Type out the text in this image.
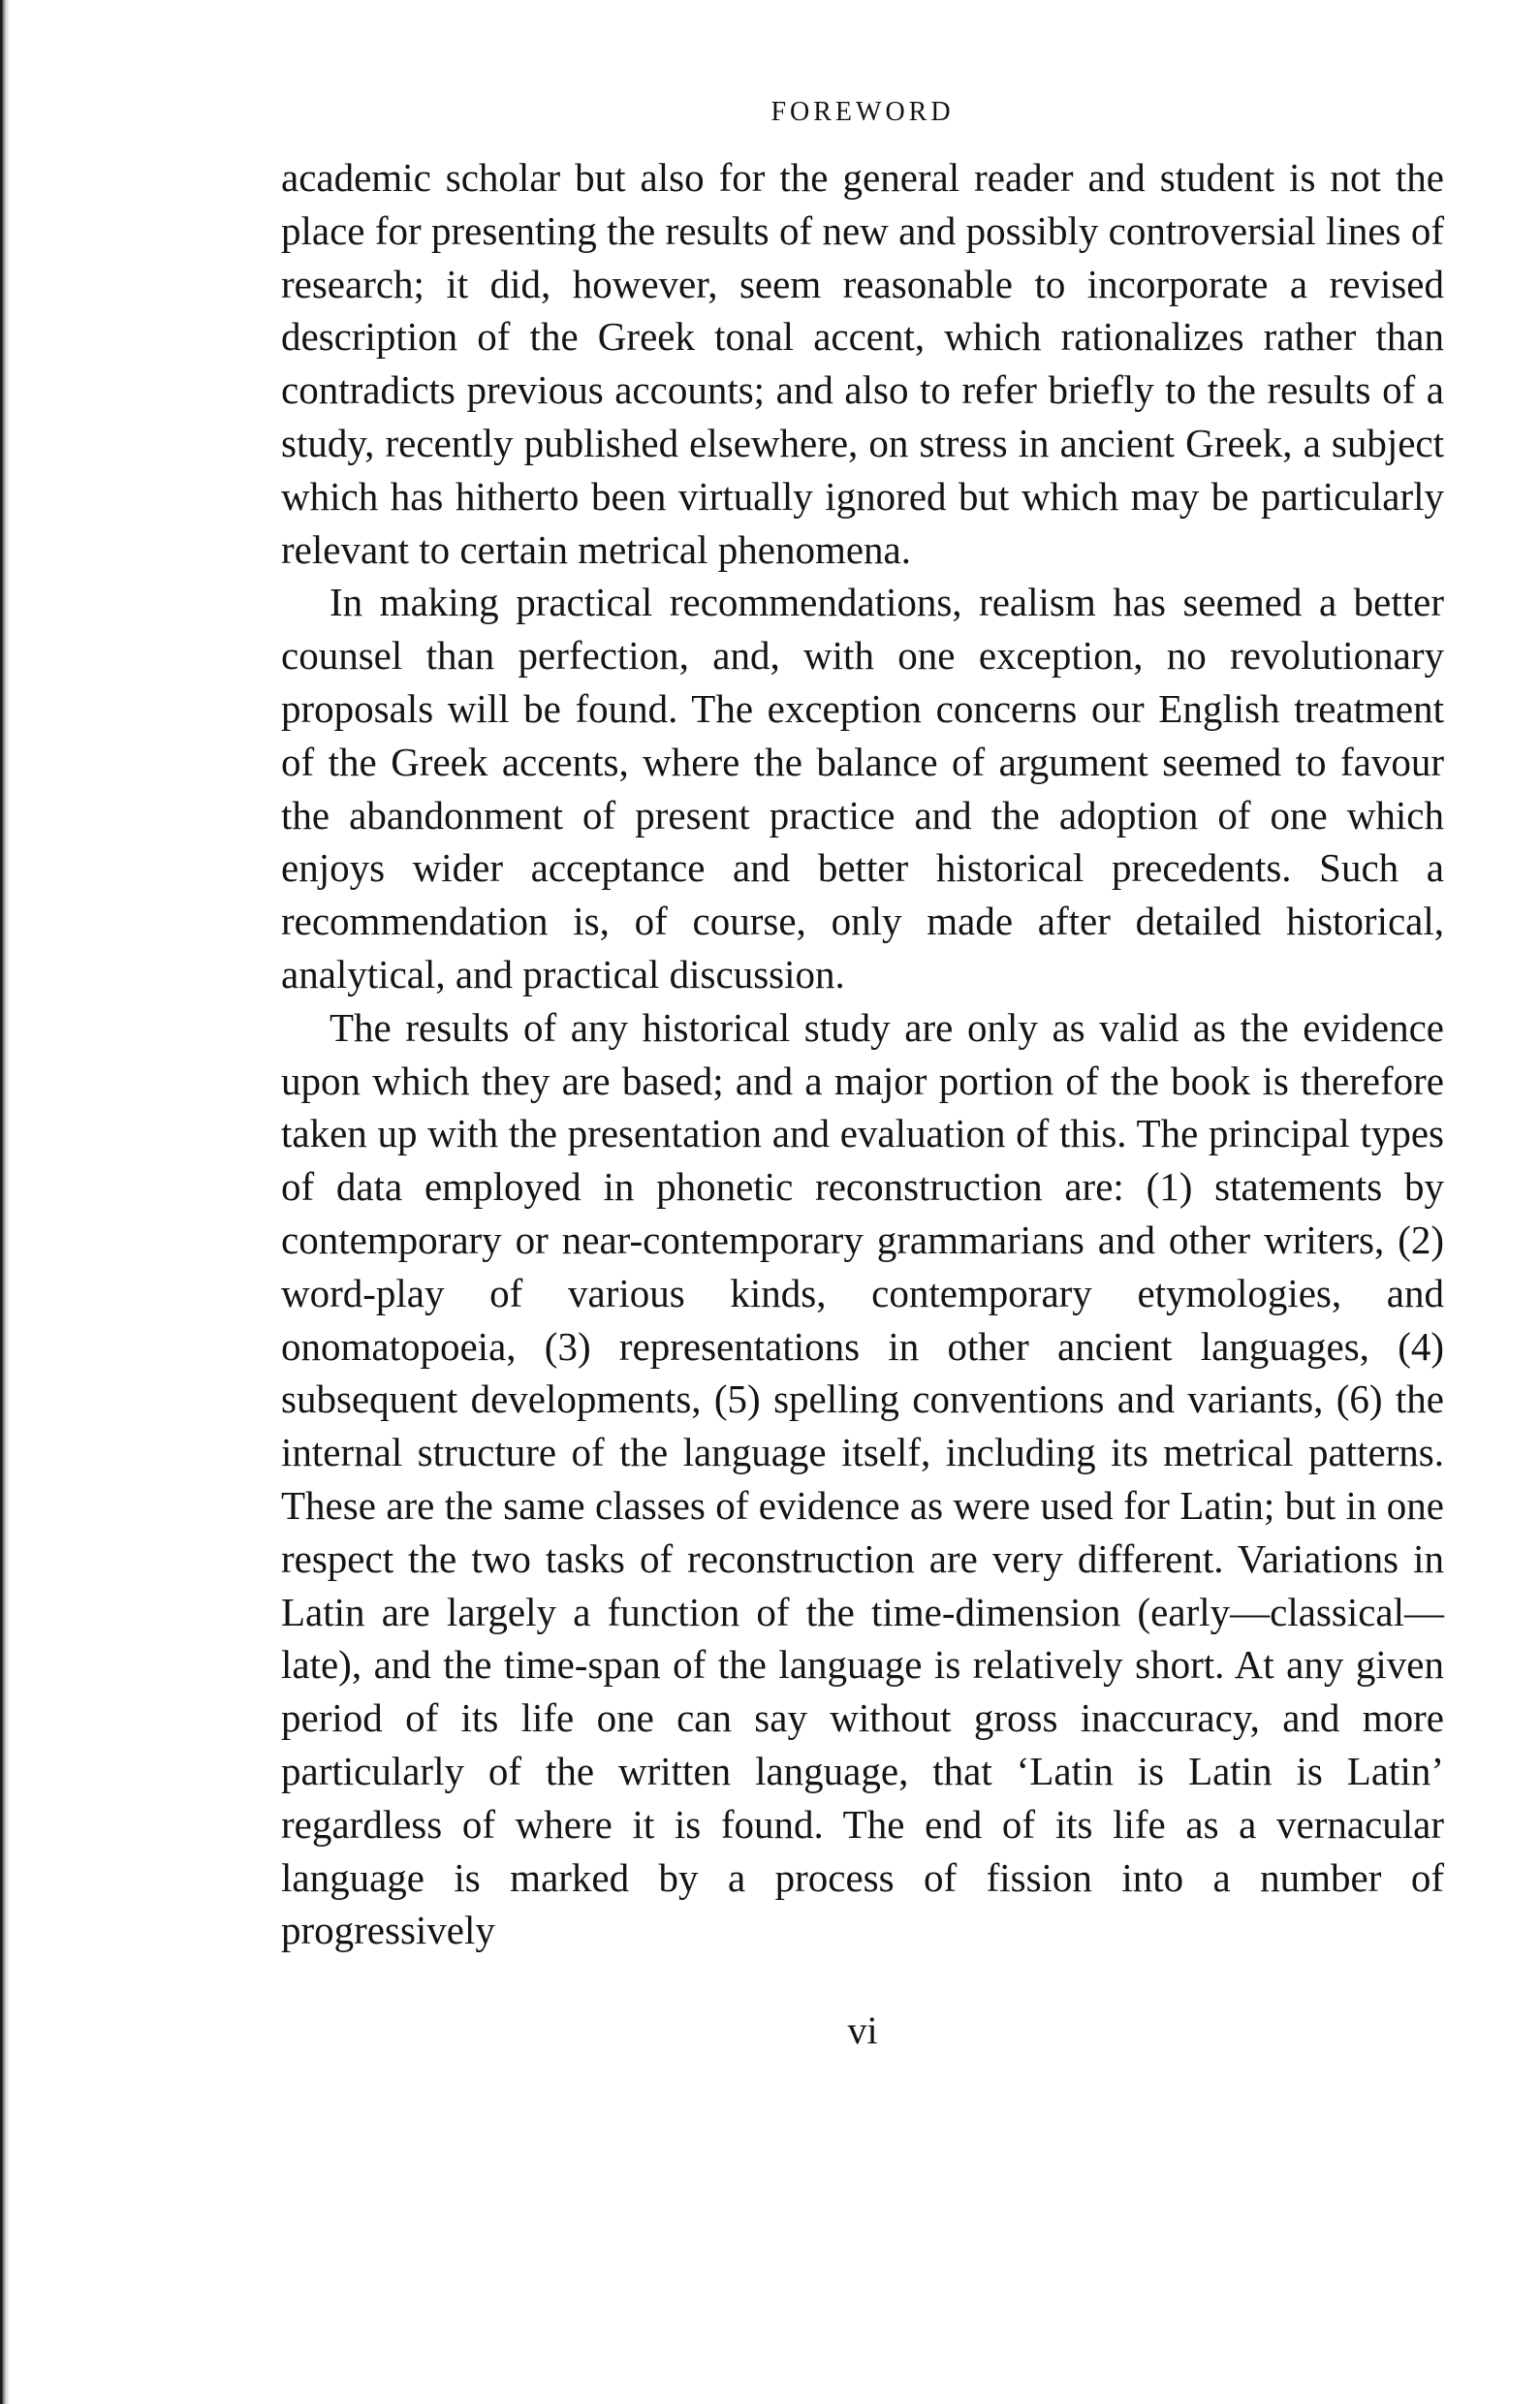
FOREWORD

academic scholar but also for the general reader and student is not the place for presenting the results of new and possibly controversial lines of research; it did, however, seem reasonable to incorporate a revised description of the Greek tonal accent, which rationalizes rather than contradicts previous accounts; and also to refer briefly to the results of a study, recently published elsewhere, on stress in ancient Greek, a subject which has hitherto been virtually ignored but which may be particularly relevant to certain metrical phenomena.

In making practical recommendations, realism has seemed a better counsel than perfection, and, with one exception, no revolutionary proposals will be found. The exception concerns our English treatment of the Greek accents, where the balance of argument seemed to favour the abandonment of present practice and the adoption of one which enjoys wider acceptance and better historical precedents. Such a recommendation is, of course, only made after detailed historical, analytical, and practical discussion.

The results of any historical study are only as valid as the evidence upon which they are based; and a major portion of the book is therefore taken up with the presentation and evaluation of this. The principal types of data employed in phonetic reconstruction are: (1) statements by contemporary or near-contemporary grammarians and other writers, (2) word-play of various kinds, contemporary etymologies, and onomatopoeia, (3) representations in other ancient languages, (4) subsequent developments, (5) spelling conventions and variants, (6) the internal structure of the language itself, including its metrical patterns. These are the same classes of evidence as were used for Latin; but in one respect the two tasks of reconstruction are very different. Variations in Latin are largely a function of the time-dimension (early—classical—late), and the time-span of the language is relatively short. At any given period of its life one can say without gross inaccuracy, and more particularly of the written language, that ‘Latin is Latin is Latin’ regardless of where it is found. The end of its life as a vernacular language is marked by a process of fission into a number of progressively

vi
